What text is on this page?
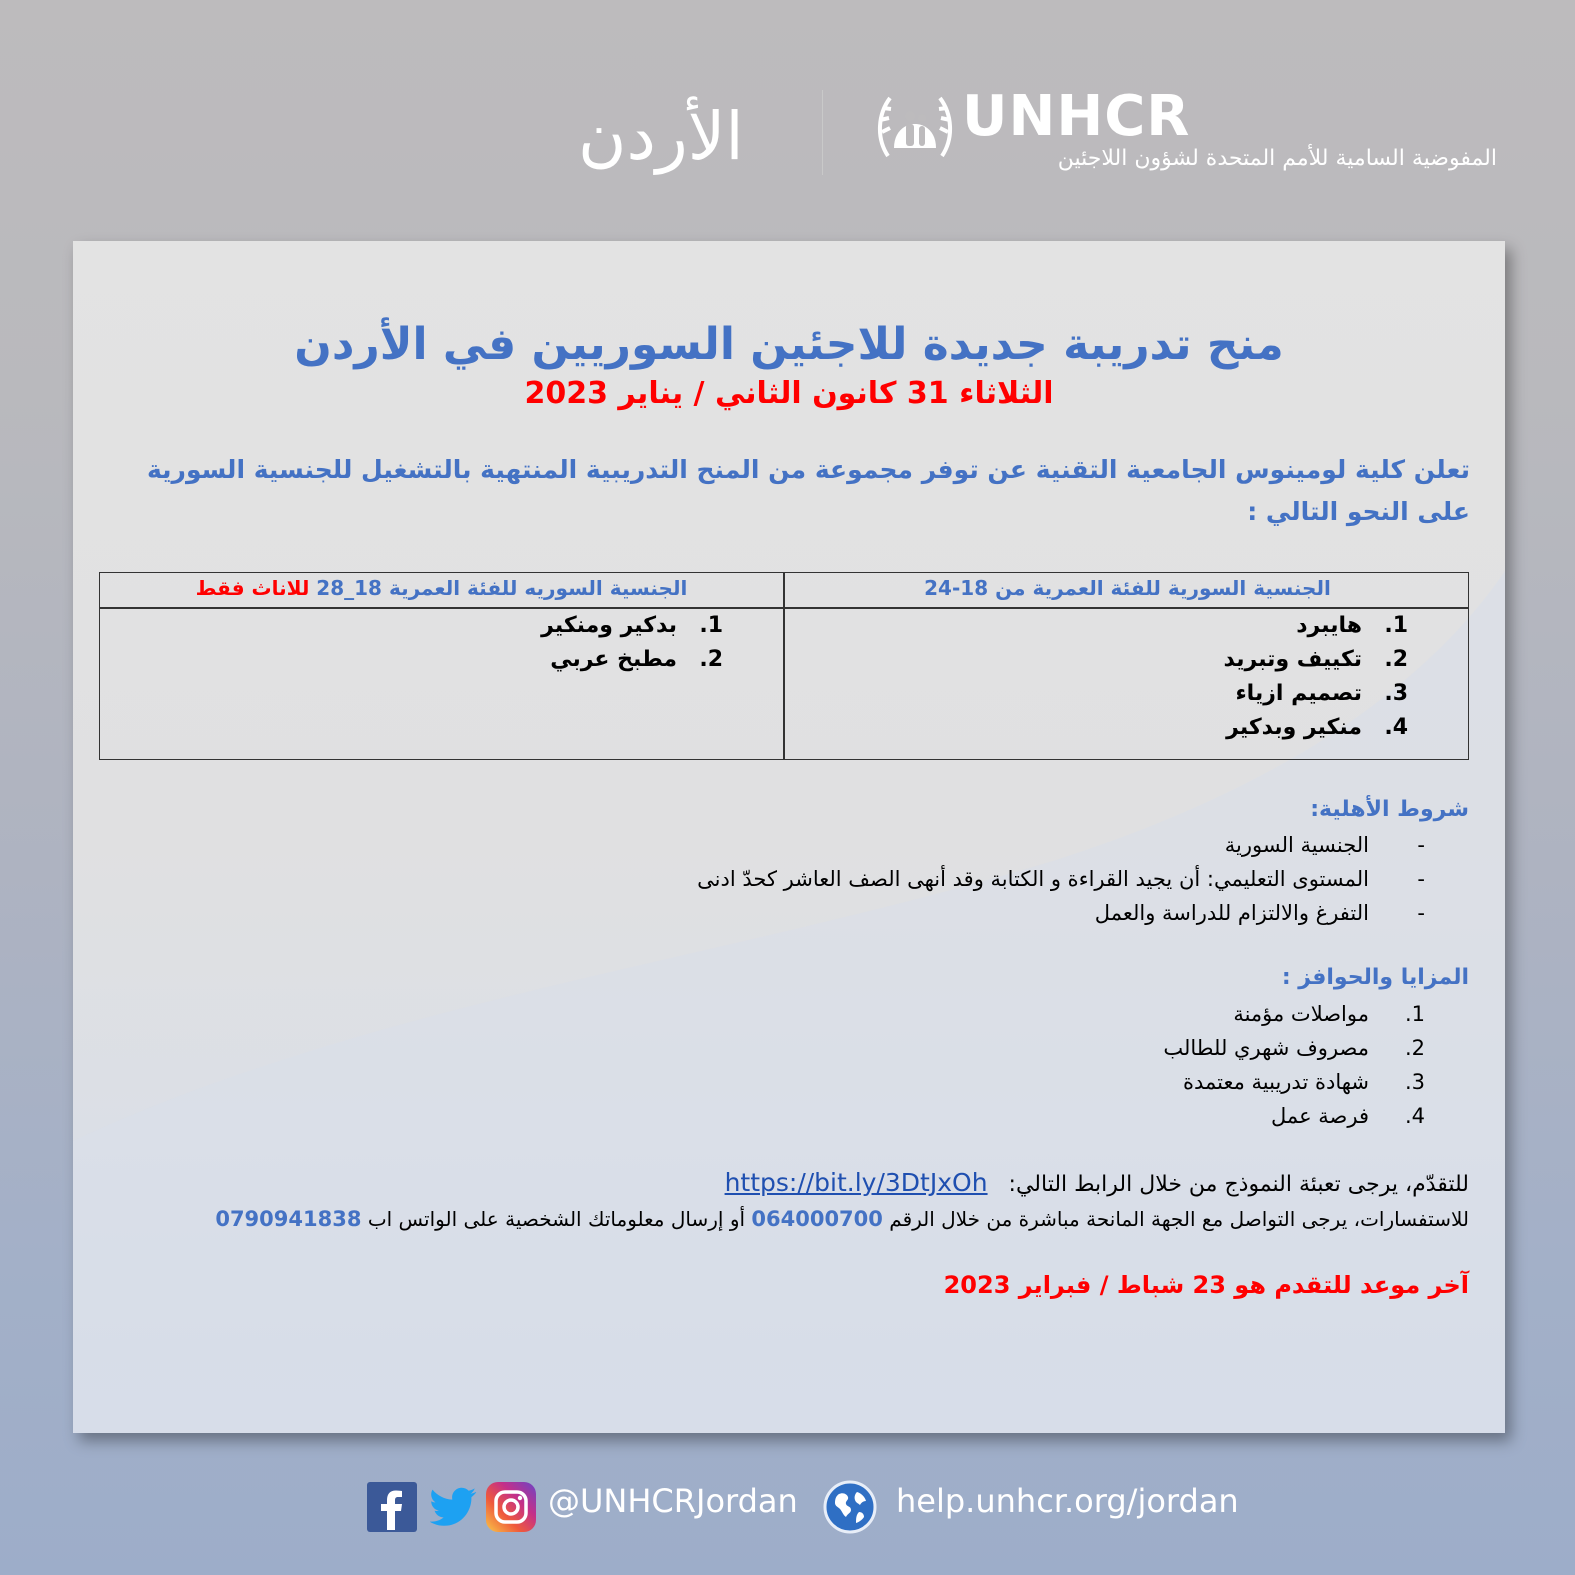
الأردن	UNHCR
المفوضية السامية للأمم المتحدة لشؤون اللاجئين
منح تدريبة جديدة للاجئين السوريين في الأردن
الثلاثاء 31 كانون الثاني / يناير 2023
تعلن كلية لومينوس الجامعية التقنية عن توفر مجموعة من المنح التدريبية المنتهية بالتشغيل للجنسية السورية على النحو التالي :
الجنسية السورية للفئة العمرية من 18-24
الجنسية السوريه للفئة العمرية 18_28 للاناث فقط
1.هايبرد
2.تكييف وتبريد
3.تصميم ازياء
4.منكير وبدكير
1.بدكير ومنكير
2.مطبخ عربي
شروط الأهلية:
-الجنسية السورية
-المستوى التعليمي: أن يجيد القراءة و الكتابة وقد أنهى الصف العاشر كحدّ ادنى
-التفرغ والالتزام للدراسة والعمل
المزايا والحوافز :
1.مواصلات مؤمنة
2.مصروف شهري للطالب
3.شهادة تدريبية معتمدة
4.فرصة عمل
للتقدّم، يرجى تعبئة النموذج من خلال الرابط التالي:   https://bit.ly/3DtJxOh
للاستفسارات، يرجى التواصل مع الجهة المانحة مباشرة من خلال الرقم 064000700 أو إرسال معلوماتك الشخصية على الواتس اب 0790941838
آخر موعد للتقدم هو 23 شباط / فبراير 2023
@UNHCRJordan	help.unhcr.org/jordan
